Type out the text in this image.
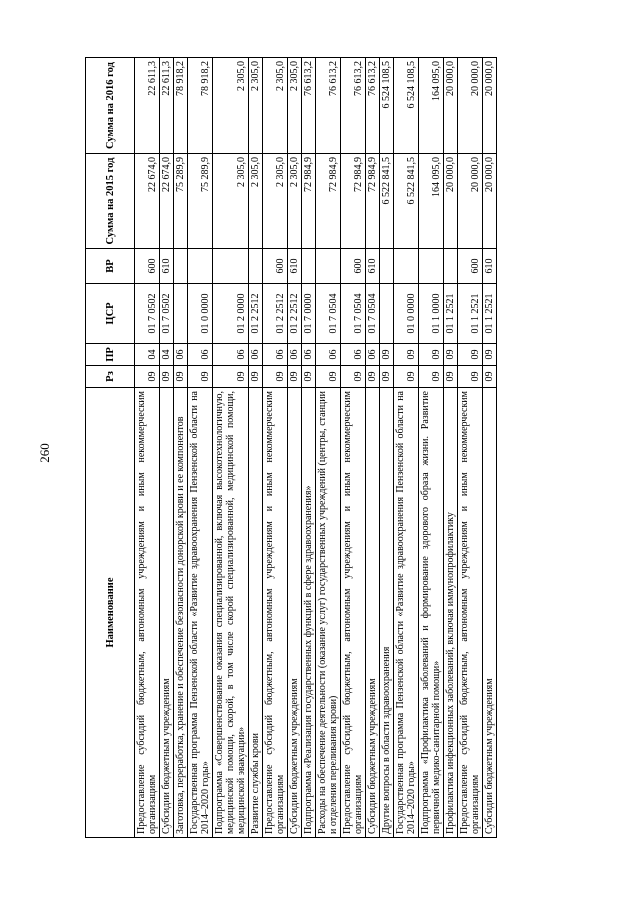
260
Наименование	Рз	ПР	ЦСР	ВР	Сумма на 2015 год	Сумма на 2016 год
Предоставление субсидий бюджетным, автономным учреждениям и иным некоммерческим организациям	09	04	01 7 0502	600	22 674,0	22 611,3
Субсидии бюджетным учреждениям	09	04	01 7 0502	610	22 674,0	22 611,3
Заготовка, переработка, хранение и обеспечение безопасности донорской крови и ее компонентов	09	06			75 289,9	78 918,2
Государственная программа Пензенской области «Развитие здравоохранения Пензенской области на 2014–2020 годы»	09	06	01 0 0000		75 289,9	78 918,2
Подпрограмма «Совершенствование оказания специализированной, включая высокотехнологичную, медицинской помощи, скорой, в том числе скорой специализированной, медицинской помощи, медицинской эвакуации»	09	06	01 2 0000		2 305,0	2 305,0
Развитие службы крови	09	06	01 2 2512		2 305,0	2 305,0
Предоставление субсидий бюджетным, автономным учреждениям и иным некоммерческим организациям	09	06	01 2 2512	600	2 305,0	2 305,0
Субсидии бюджетным учреждениям	09	06	01 2 2512	610	2 305,0	2 305,0
Подпрограмма «Реализация государственных функций в сфере здравоохранения»	09	06	01 7 0000		72 984,9	76 613,2
Расходы на обеспечение деятельности (оказание услуг) государственных учреждений (центры, станции и отделения переливания крови)	09	06	01 7 0504		72 984,9	76 613,2
Предоставление субсидий бюджетным, автономным учреждениям и иным некоммерческим организациям	09	06	01 7 0504	600	72 984,9	76 613,2
Субсидии бюджетным учреждениям	09	06	01 7 0504	610	72 984,9	76 613,2
Другие вопросы в области здравоохранения	09	09			6 522 841,5	6 524 108,5
Государственная программа Пензенской области «Развитие здравоохранения Пензенской области на 2014–2020 годы»	09	09	01 0 0000		6 522 841,5	6 524 108,5
Подпрограмма «Профилактика заболеваний и формирование здорового образа жизни. Развитие первичной медико-санитарной помощи»	09	09	01 1 0000		164 095,0	164 095,0
Профилактика инфекционных заболеваний, включая иммунопрофилактику	09	09	01 1 2521		20 000,0	20 000,0
Предоставление субсидий бюджетным, автономным учреждениям и иным некоммерческим организациям	09	09	01 1 2521	600	20 000,0	20 000,0
Субсидии бюджетным учреждениям	09	09	01 1 2521	610	20 000,0	20 000,0
